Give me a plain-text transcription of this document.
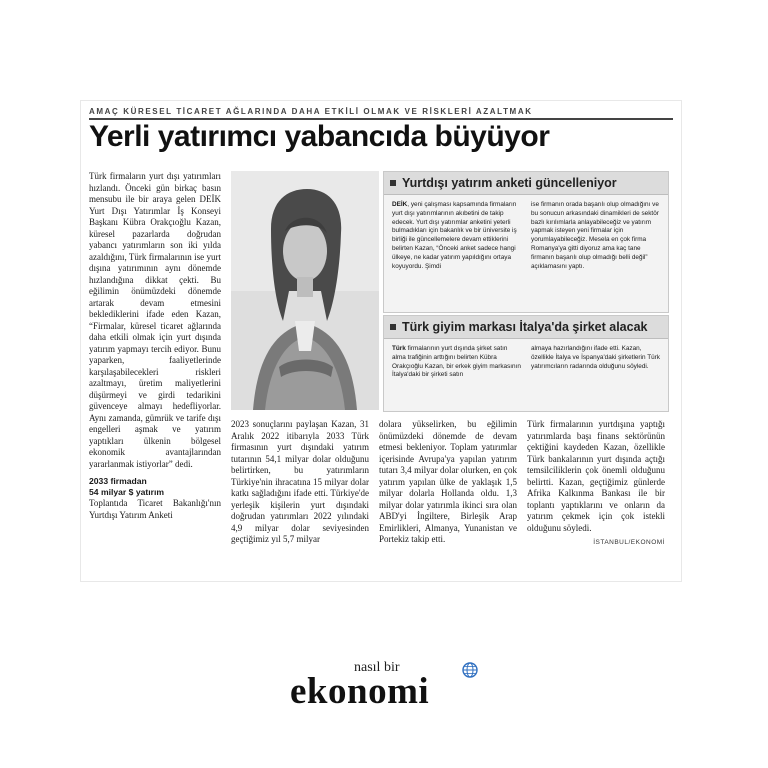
AMAÇ KÜRESEL TİCARET AĞLARINDA DAHA ETKİLİ OLMAK VE RİSKLERİ AZALTMAK
Yerli yatırımcı yabancıda büyüyor

Türk firmaların yurt dışı yatırımları hızlandı. Önceki gün birkaç basın mensubu ile bir araya gelen DEİK Yurt Dışı Yatırımlar İş Konseyi Başkanı Kübra Orakçıoğlu Kazan, küresel pazarlarda doğrudan yabancı yatırımların son iki yılda azaldığını, Türk firmalarının ise yurt dışına yatırımının aynı dönemde hızlandığına dikkat çekti. Bu eğilimin önümüzdeki dönemde artarak devam etmesini beklediklerini ifade eden Kazan, “Firmalar, küresel ticaret ağlarında daha etkili olmak için yurt dışında yatırım yapmayı tercih ediyor. Bunu yaparken, faaliyetlerinde karşılaşabilecekleri riskleri azaltmayı, üretim maliyetlerini düşürmeyi ve girdi tedarikini güvenceye almayı hedefliyorlar. Aynı zamanda, gümrük ve tarife dışı engelleri aşmak ve yatırım yaptıkları ülkenin bölgesel ekonomik avantajlarından yararlanmak istiyorlar” dedi.

2033 firmadan
54 milyar $ yatırım

Toplantıda Ticaret Bakanlığı'nın Yurtdışı Yatırım Anketi

Yurtdışı yatırım anketi güncelleniyor

DEİK, yeni çalışması kapsamında firmaların yurt dışı yatırımlarının akıbetini de takip edecek. Yurt dışı yatırımlar anketini yeterli bulmadıkları için bakanlık ve bir üniversite iş birliği ile güncellemelere devam ettiklerini belirten Kazan, “Önceki anket sadece hangi ülkeye, ne kadar yatırım yapıldığını ortaya koyuyordu. Şimdi

ise firmanın orada başarılı olup olmadığını ve bu sonucun arkasındaki dinamikleri de sektör bazlı kırılımlarla anlayabileceğiz ve yatırım yapmak isteyen yeni firmalar için yorumlayabileceğiz. Mesela en çok firma Romanya'ya gitti diyoruz ama kaç tane firmanın başarılı olup olmadığı belli değil” açıklamasını yaptı.

Türk giyim markası İtalya'da şirket alacak

Türk firmalarının yurt dışında şirket satın alma trafiğinin arttığını belirten Kübra Orakçıoğlu Kazan, bir erkek giyim markasının İtalya'daki bir şirketi satın

almaya hazırlandığını ifade etti. Kazan, özellikle İtalya ve İspanya'daki şirketlerin Türk yatırımcıların radarında olduğunu söyledi.

2023 sonuçlarını paylaşan Kazan, 31 Aralık 2022 itibarıyla 2033 Türk firmasının yurt dışındaki yatırım tutarının 54,1 milyar dolar olduğunu belirtirken, bu yatırımların Türkiye'nin ihracatına 15 milyar dolar katkı sağladığını ifade etti. Türkiye'de yerleşik kişilerin yurt dışındaki doğrudan yatırımları 2022 yılındaki 4,9 milyar dolar seviyesinden geçtiğimiz yıl 5,7 milyar

dolara yükselirken, bu eğilimin önümüzdeki dönemde de devam etmesi bekleniyor. Toplam yatırımlar içerisinde Avrupa'ya yapılan yatırım tutarı 3,4 milyar dolar olurken, en çok yatırım yapılan ülke de yaklaşık 1,5 milyar dolarla Hollanda oldu. 1,3 milyar dolar yatırımla ikinci sıra olan ABD'yi İngiltere, Birleşik Arap Emirlikleri, Almanya, Yunanistan ve Portekiz takip etti.

Türk firmalarının yurtdışına yaptığı yatırımlarda başı finans sektörünün çektiğini kaydeden Kazan, özellikle Türk bankalarının yurt dışında açtığı temsilciliklerin çok önemli olduğunu belirtti. Kazan, geçtiğimiz günlerde Afrika Kalkınma Bankası ile bir toplantı yaptıklarını ve onların da yatırım çekmek için çok istekli olduğunu söyledi.

İSTANBUL/EKONOMİ
nasıl bir
ekonomi
